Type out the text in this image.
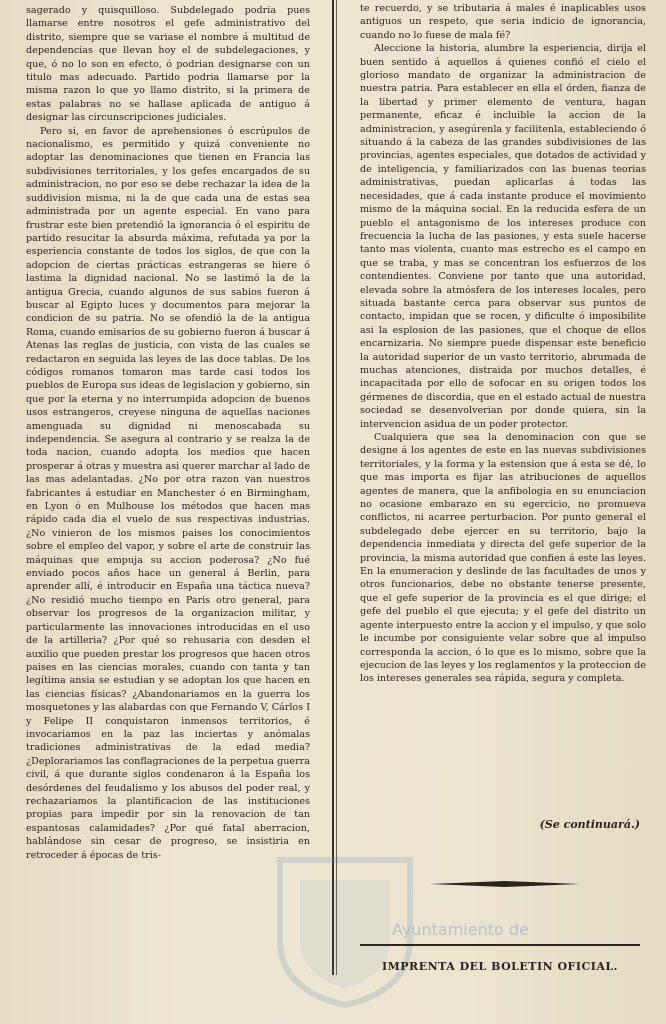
sagerado y quisquilloso. Subdelegado podria pues llamarse entre nosotros el gefe administrativo del distrito, siempre que se variase el nombre á multitud de dependencias que llevan hoy el de subdelegaciones, y que, ó no lo son en efecto, ó podrian designarse con un titulo mas adecuado. Partido podria llamarse por la misma razon lo que yo llamo distrito, si la primera de estas palabras no se hallase aplicada de antiguo á designar las circunscripciones judiciales.

Pero si, en favor de aprehensiones ó escrúpulos de nacionalismo, es permitido y quizá conveniente no adoptar las denominaciones que tienen en Francia las subdivisiones territoriales, y los gefes encargados de su administracion, no por eso se debe rechazar la idea de la suddivision misma, ni la de que cada una de estas sea administrada por un agente especial. En vano para frustrar este bien pretendió la ignorancia ó el espiritu de partido resucitar la absurda máxima, refutada ya por la esperiencia constante de todos los siglos, de que con la adopcion de ciertas prácticas estrangeras se hiere ó lastima la dignidad nacional. No se lastimó la de la antigua Grecia, cuando algunos de sus sabios fueron á buscar al Egipto luces y documentos para mejorar la condicion de su patria. No se ofendió la de la antigua Roma, cuando emisarios de su gobierno fueron á buscar á Atenas las reglas de justicia, con vista de las cuales se redactaron en seguida las leyes de las doce tablas. De los códigos romanos tomaron mas tarde casi todos los pueblos de Europa sus ideas de legislacion y gobierno, sin que por la eterna y no interrumpida adopcion de buenos usos estrangeros, creyese ninguna de aquellas naciones amenguada su dignidad ni menoscabada su independencia. Se asegura al contrario y se realza la de toda nacion, cuando adopta los medios que hacen prosperar á otras y muestra asi querer marchar al lado de las mas adelantadas. ¿No por otra razon van nuestros fabricantes á estudiar en Manchester ó en Birmingham, en Lyon ó en Mulhouse los métodos que hacen mas rápido cada dia el vuelo de sus respectivas industrias. ¿No vinieron de los mismos paises los conocimientos sobre el empleo del vapor, y sobre el arte de construir las máquinas que empuja su accion poderosa? ¿No fué enviado pocos años hace un general á Berlin, para aprender allí, é introducir en España una táctica nueva? ¿No residió mucho tiempo en Paris otro general, para observar los progresos de la organizacion militar, y particularmente las innovaciones introducidas en el uso de la artilleria? ¿Por qué so rehusaria con desden el auxilio que pueden prestar los progresos que hacen otros paises en las ciencias morales, cuando con tanta y tan legítima ansia se estudian y se adoptan los que hacen en las ciencias físicas? ¿Abandonariamos en la guerra los mosquetones y las alabardas con que Fernando V, Cárlos I y Felipe II conquistaron inmensos territorios, é invocariamos en la paz las inciertas y anómalas tradiciones administrativas de la edad media? ¿Deplorariamos las conflagraciones de la perpetua guerra civil, á que durante siglos condenaron á la España los desórdenes del feudalismo y los abusos del poder real, y rechazariamos la plantificacion de las instituciones propias para impedir por sin la renovacion de tan espantosas calamidades? ¿Por qué fatal aberracion, hablándose sin cesar de progreso, se insistiria en retroceder á épocas de tris-

te recuerdo, y se tributaria á males é inaplicables usos antiguos un respeto, que seria indicio de ignorancia, cuando no lo fuese de mala fé?

Aleccione la historia, alumbre la esperiencia, dirija el buen sentido á aquellos á quienes confió el cielo el glorioso mandato de organizar la administracion de nuestra patria. Para establecer en ella el órden, fianza de la libertad y primer elemento de ventura, hagan permanente, eficaz é incluible la accion de la administracion, y asegúrenla y facilitenla, estableciendo ó situando á la cabeza de las grandes subdivisiones de las provincias, agentes especiales, que dotados de actividad y de inteligencia, y familiarizados con las buenas teorias administrativas, puedan aplicarlas á todas las necesidades, que á cada instante produce el movimiento mismo de la máquina social. En la reducida esfera de un pueblo el antagonismo de los intereses produce con frecuencia la lucha de las pasiones, y esta suele hacerse tanto mas violenta, cuanto mas estrecho es el campo en que se traba, y mas se concentran los esfuerzos de los contendientes. Conviene por tanto que una autoridad, elevada sobre la atmósfera de los intereses locales, pero situada bastante cerca para observar sus puntos de contacto, impidan que se rocen, y dificulte ó imposibilite asi la esplosion de las pasiones, que el choque de ellos encarnizaria. No siempre puede dispensar este beneficio la autoridad superior de un vasto territorio, abrumada de muchas atenciones, distraida por muchos detalles, é incapacitada por ello de sofocar en su origen todos los gérmenes de discordia, que en el estado actual de nuestra sociedad se desenvolverian por donde quiera, sin la intervencion asidua de un poder protector.

Cualquiera que sea la denominacion con que se designe á los agentes de este en las nuevas subdivisiones territoriales, y la forma y la estension que á esta se dé, lo que mas importa es fijar las atribuciones de aquellos agentes de manera, que la anfibologia en su enunciacion no ocasione embarazo en su egercicio, no promueva conflictos, ni acarree perturbacion. Por punto general el subdelegado debe ejercer en su territorio, bajo la dependencia inmediata y directa del gefe superior de la provincia, la misma autoridad que confien á este las leyes. En la enumeracion y deslinde de las facultades de unos y otros funcionarios, debe no obstante tenerse presente, que el gefe superior de la provincia es el que dirige; el gefe del pueblo el que ejecuta; y el gefe del distrito un agente interpuesto entre la accion y el impulso, y que solo le incumbe por consiguiente velar sobre que al impulso corresponda la accion, ó lo que es lo mismo, sobre que la ejecucion de las leyes y los reglamentos y la proteccion de los intereses generales sea rápida, segura y completa.

(Se continuará.)
Ayuntamiento de
IMPRENTA DEL BOLETIN OFICIAL.
